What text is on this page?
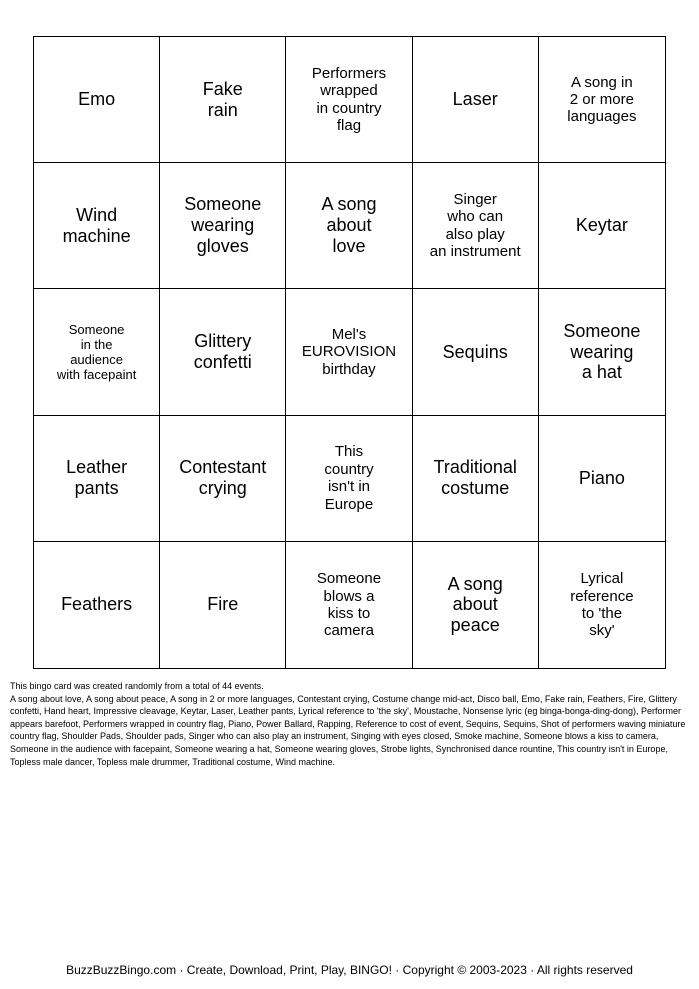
Emo
Fake
rain
Performers
wrapped
in country
flag
Laser
A song in
2 or more
languages
Wind
machine
Someone
wearing
gloves
A song
about
love
Singer
who can
also play
an instrument
Keytar
Someone
in the
audience
with facepaint
Glittery
confetti
Mel's
EUROVISION
birthday
Sequins
Someone
wearing
a hat
Leather
pants
Contestant
crying
This
country
isn't in
Europe
Traditional
costume
Piano
Feathers	Fire
Someone
blows a
kiss to
camera
A song
about
peace
Lyrical
reference
to 'the
sky'

This bingo card was created randomly from a total of 44 events.

A song about love, A song about peace, A song in 2 or more languages, Contestant crying, Costume change mid-act, Disco ball, Emo, Fake rain, Feathers, Fire, Glittery confetti, Hand heart, Impressive cleavage, Keytar, Laser, Leather pants, Lyrical reference to 'the sky', Moustache, Nonsense lyric (eg binga-bonga-ding-dong), Performer appears barefoot, Performers wrapped in country flag, Piano, Power Ballard, Rapping, Reference to cost of event, Sequins, Sequins, Shot of performers waving miniature country flag, Shoulder Pads, Shoulder pads, Singer who can also play an instrument, Singing with eyes closed, Smoke machine, Someone blows a kiss to camera, Someone in the audience with facepaint, Someone wearing a hat, Someone wearing gloves, Strobe lights, Synchronised dance rountine, This country isn't in Europe, Topless male dancer, Topless male drummer, Traditional costume, Wind machine.

BuzzBuzzBingo.com · Create, Download, Print, Play, BINGO! · Copyright © 2003-2023 · All rights reserved
